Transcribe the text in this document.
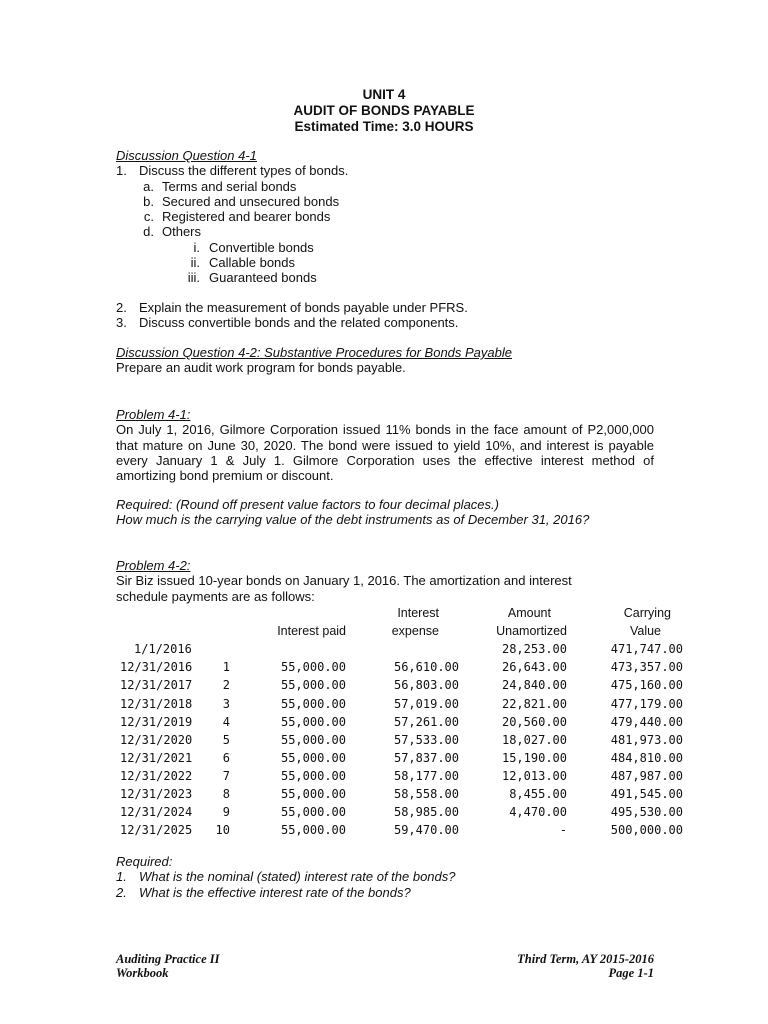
UNIT 4
AUDIT OF BONDS PAYABLE
Estimated Time: 3.0 HOURS
Discussion Question 4-1
1. Discuss the different types of bonds.
a. Terms and serial bonds
b. Secured and unsecured bonds
c. Registered and bearer bonds
d. Others
i. Convertible bonds
ii. Callable bonds
iii. Guaranteed bonds
2. Explain the measurement of bonds payable under PFRS.
3. Discuss convertible bonds and the related components.
Discussion Question 4-2: Substantive Procedures for Bonds Payable
Prepare an audit work program for bonds payable.
Problem 4-1:
On July 1, 2016, Gilmore Corporation issued 11% bonds in the face amount of P2,000,000 that mature on June 30, 2020. The bond were issued to yield 10%, and interest is payable every January 1 & July 1. Gilmore Corporation uses the effective interest method of amortizing bond premium or discount.
Required: (Round off present value factors to four decimal places.)
How much is the carrying value of the debt instruments as of December 31, 2016?
Problem 4-2:
Sir Biz issued 10-year bonds on January 1, 2016. The amortization and interest schedule payments are as follows:
			Interest	Amount	Carrying
		Interest paid	expense	Unamortized	Value
1/1/2016				28,253.00	471,747.00
12/31/2016	1	55,000.00	56,610.00	26,643.00	473,357.00
12/31/2017	2	55,000.00	56,803.00	24,840.00	475,160.00
12/31/2018	3	55,000.00	57,019.00	22,821.00	477,179.00
12/31/2019	4	55,000.00	57,261.00	20,560.00	479,440.00
12/31/2020	5	55,000.00	57,533.00	18,027.00	481,973.00
12/31/2021	6	55,000.00	57,837.00	15,190.00	484,810.00
12/31/2022	7	55,000.00	58,177.00	12,013.00	487,987.00
12/31/2023	8	55,000.00	58,558.00	8,455.00	491,545.00
12/31/2024	9	55,000.00	58,985.00	4,470.00	495,530.00
12/31/2025	10	55,000.00	59,470.00	-	500,000.00
Required:
1. What is the nominal (stated) interest rate of the bonds?
2. What is the effective interest rate of the bonds?
Auditing Practice II	Third Term, AY 2015-2016
Workbook	Page 1-1
